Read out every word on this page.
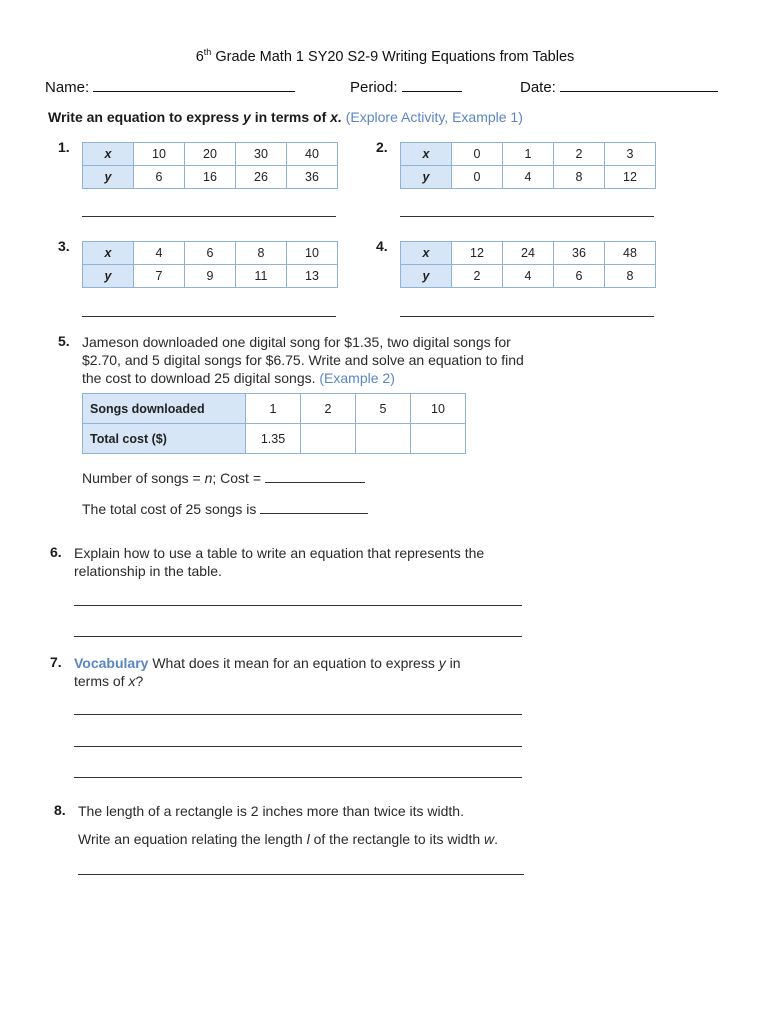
6th Grade Math 1 SY20 S2-9 Writing Equations from Tables
Name:	Period:	Date:
Write an equation to express y in terms of x. (Explore Activity, Example 1)
1.	x	10	20	30	40
y	6	16	26	36
2.	x	0	1	2	3
y	0	4	8	12
3.	x	4	6	8	10
y	7	9	11	13
4.	x	12	24	36	48
y	2	4	6	8
5. Jameson downloaded one digital song for $1.35, two digital songs for
$2.70, and 5 digital songs for $6.75. Write and solve an equation to find
the cost to download 25 digital songs. (Example 2)
Songs downloaded	1	2	5	10
Total cost ($)	1.35			
Number of songs = n; Cost =
The total cost of 25 songs is
6. Explain how to use a table to write an equation that represents the
relationship in the table.
7. Vocabulary What does it mean for an equation to express y in
terms of x?
8. The length of a rectangle is 2 inches more than twice its width.
Write an equation relating the length l of the rectangle to its width w.
